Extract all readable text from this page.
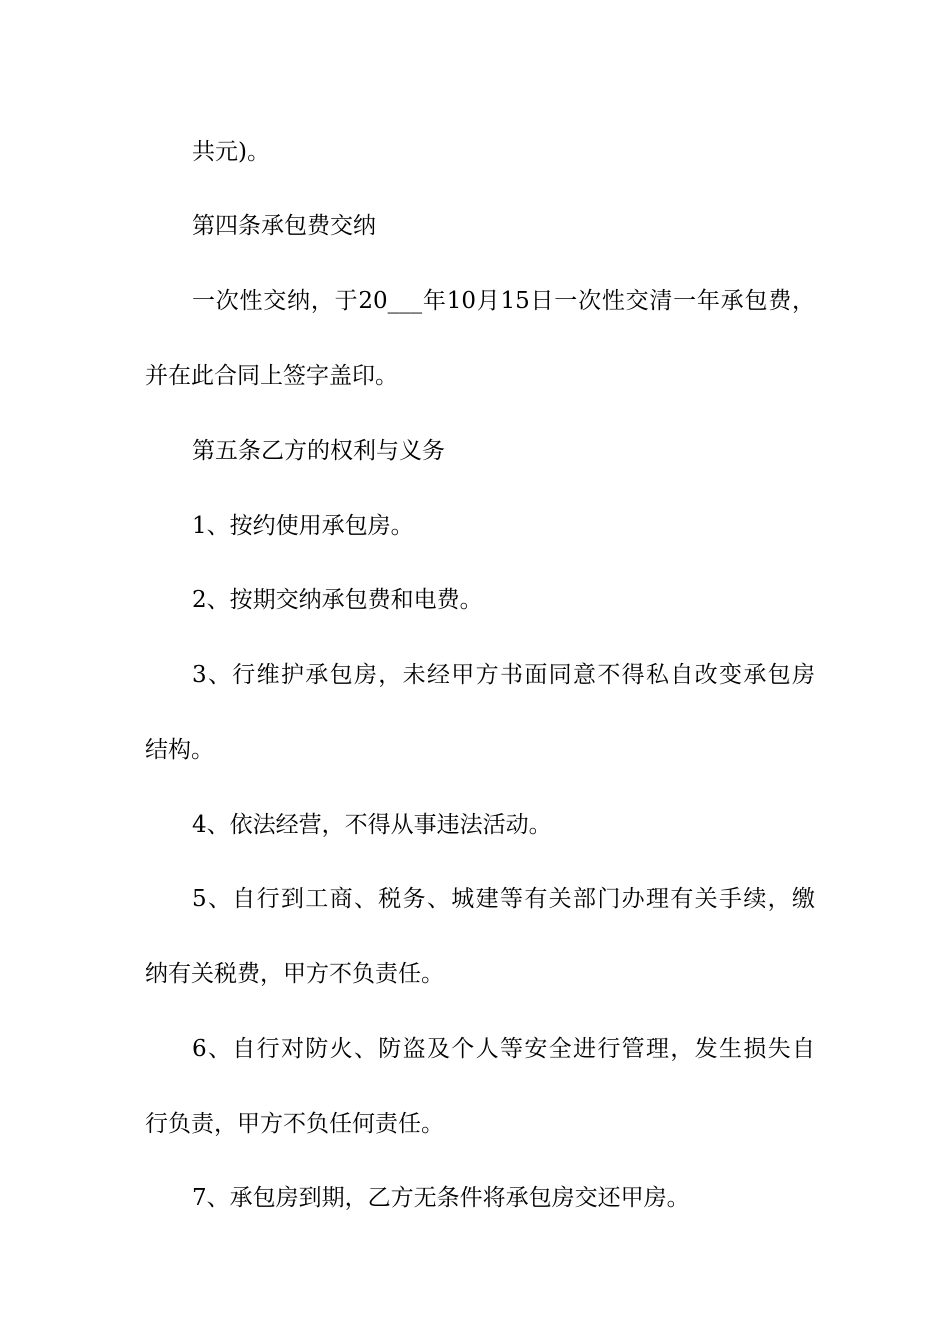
共元)。
第四条承包费交纳
一次性交纳，于20___年10月15日一次性交清一年承包费，
并在此合同上签字盖印。
第五条乙方的权利与义务
1、按约使用承包房。
2、按期交纳承包费和电费。
3、行维护承包房，未经甲方书面同意不得私自改变承包房
结构。
4、依法经营，不得从事违法活动。
5、自行到工商、税务、城建等有关部门办理有关手续，缴
纳有关税费，甲方不负责任。
6、自行对防火、防盗及个人等安全进行管理，发生损失自
行负责，甲方不负任何责任。
7、承包房到期，乙方无条件将承包房交还甲房。
